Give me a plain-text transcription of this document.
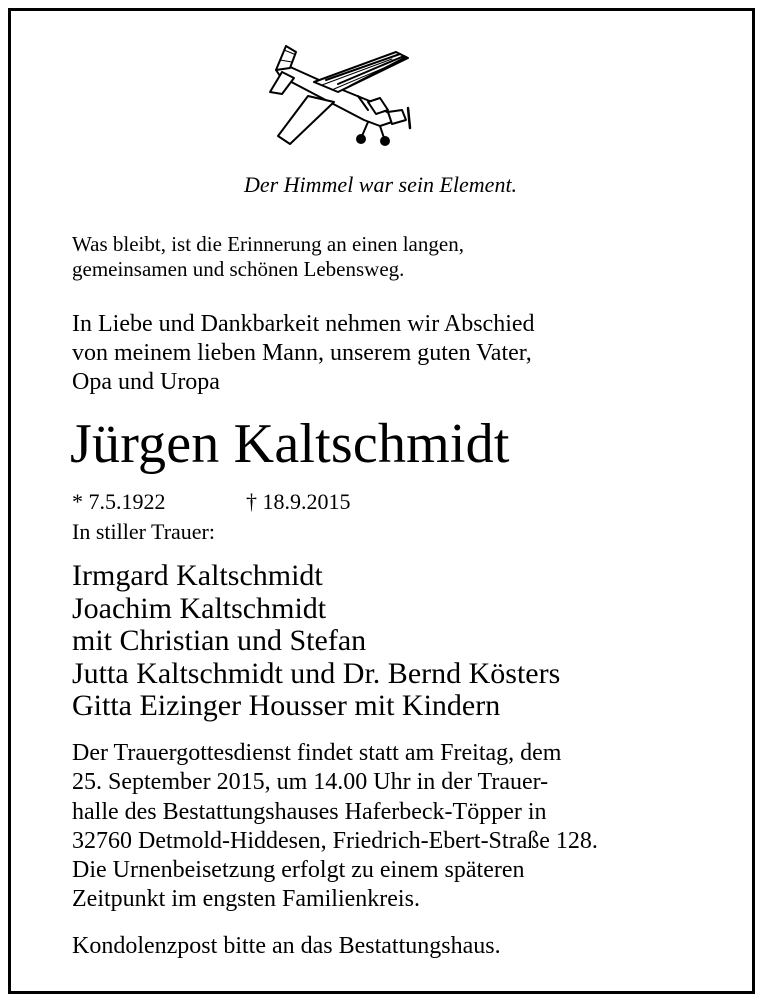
Der Himmel war sein Element.

Was bleibt, ist die Erinnerung an einen langen,
gemeinsamen und schönen Lebensweg.

In Liebe und Dankbarkeit nehmen wir Abschied
von meinem lieben Mann, unserem guten Vater,
Opa und Uropa

Jürgen Kaltschmidt
* 7.5.1922	† 18.9.2015
In stiller Trauer:
Irmgard Kaltschmidt
Joachim Kaltschmidt
mit Christian und Stefan
Jutta Kaltschmidt und Dr. Bernd Kösters
Gitta Eizinger Housser mit Kindern
Der Trauergottesdienst findet statt am Freitag, dem
25. September 2015, um 14.00 Uhr in der Trauer-
halle des Bestattungshauses Haferbeck-Töpper in
32760 Detmold-Hiddesen, Friedrich-Ebert-Straße 128.
Die Urnenbeisetzung erfolgt zu einem späteren
Zeitpunkt im engsten Familienkreis.
Kondolenzpost bitte an das Bestattungshaus.
